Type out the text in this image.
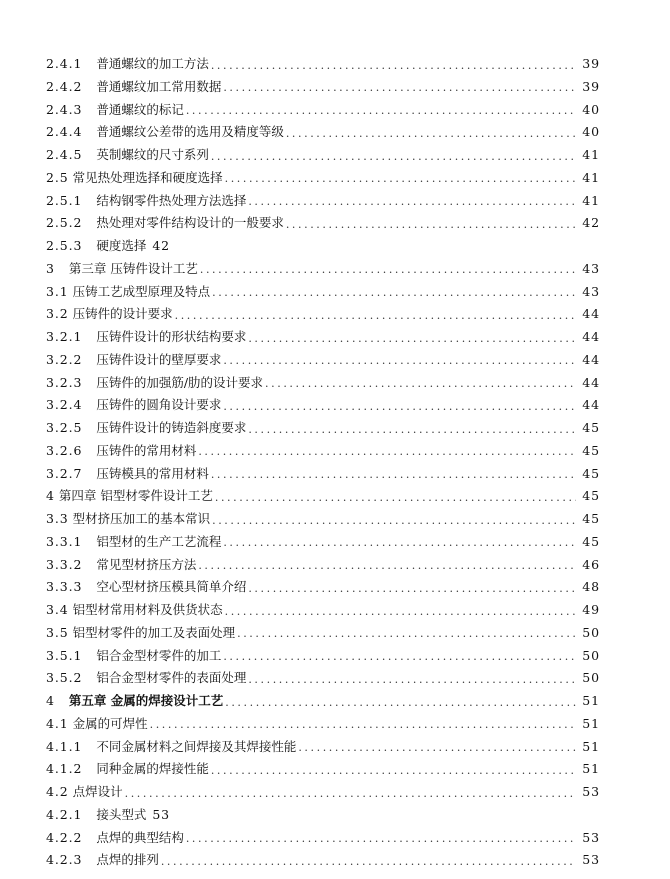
2.4.1 普通螺纹的加工方法 .....	39
2.4.2 普通螺纹加工常用数据 .....	39
2.4.3 普通螺纹的标记 .....	40
2.4.4 普通螺纹公差带的选用及精度等级 .....	40
2.4.5 英制螺纹的尺寸系列 .....	41
2.5 常见热处理选择和硬度选择 .....	41
2.5.1 结构钢零件热处理方法选择 .....	41
2.5.2 热处理对零件结构设计的一般要求 .....	42
2.5.3 硬度选择 42
3 第三章 压铸件设计工艺 .....	43
3.1 压铸工艺成型原理及特点 .....	43
3.2 压铸件的设计要求 .....	44
3.2.1 压铸件设计的形状结构要求 .....	44
3.2.2 压铸件设计的壁厚要求 .....	44
3.2.3 压铸件的加强筋/肋的设计要求 .....	44
3.2.4 压铸件的圆角设计要求 .....	44
3.2.5 压铸件设计的铸造斜度要求 .....	45
3.2.6 压铸件的常用材料 .....	45
3.2.7 压铸模具的常用材料 .....	45
4 第四章 铝型材零件设计工艺 .....	45
3.3 型材挤压加工的基本常识 .....	45
3.3.1 铝型材的生产工艺流程 .....	45
3.3.2 常见型材挤压方法 .....	46
3.3.3 空心型材挤压模具简单介绍 .....	48
3.4 铝型材常用材料及供货状态 .....	49
3.5 铝型材零件的加工及表面处理 .....	50
3.5.1 铝合金型材零件的加工 .....	50
3.5.2 铝合金型材零件的表面处理 .....	50
4 第五章 金属的焊接设计工艺 .....	51
4.1 金属的可焊性 .....	51
4.1.1 不同金属材料之间焊接及其焊接性能 .....	51
4.1.2 同种金属的焊接性能 .....	51
4.2 点焊设计 .....	53
4.2.1 接头型式 53
4.2.2 点焊的典型结构 .....	53
4.2.3 点焊的排列 .....	53
